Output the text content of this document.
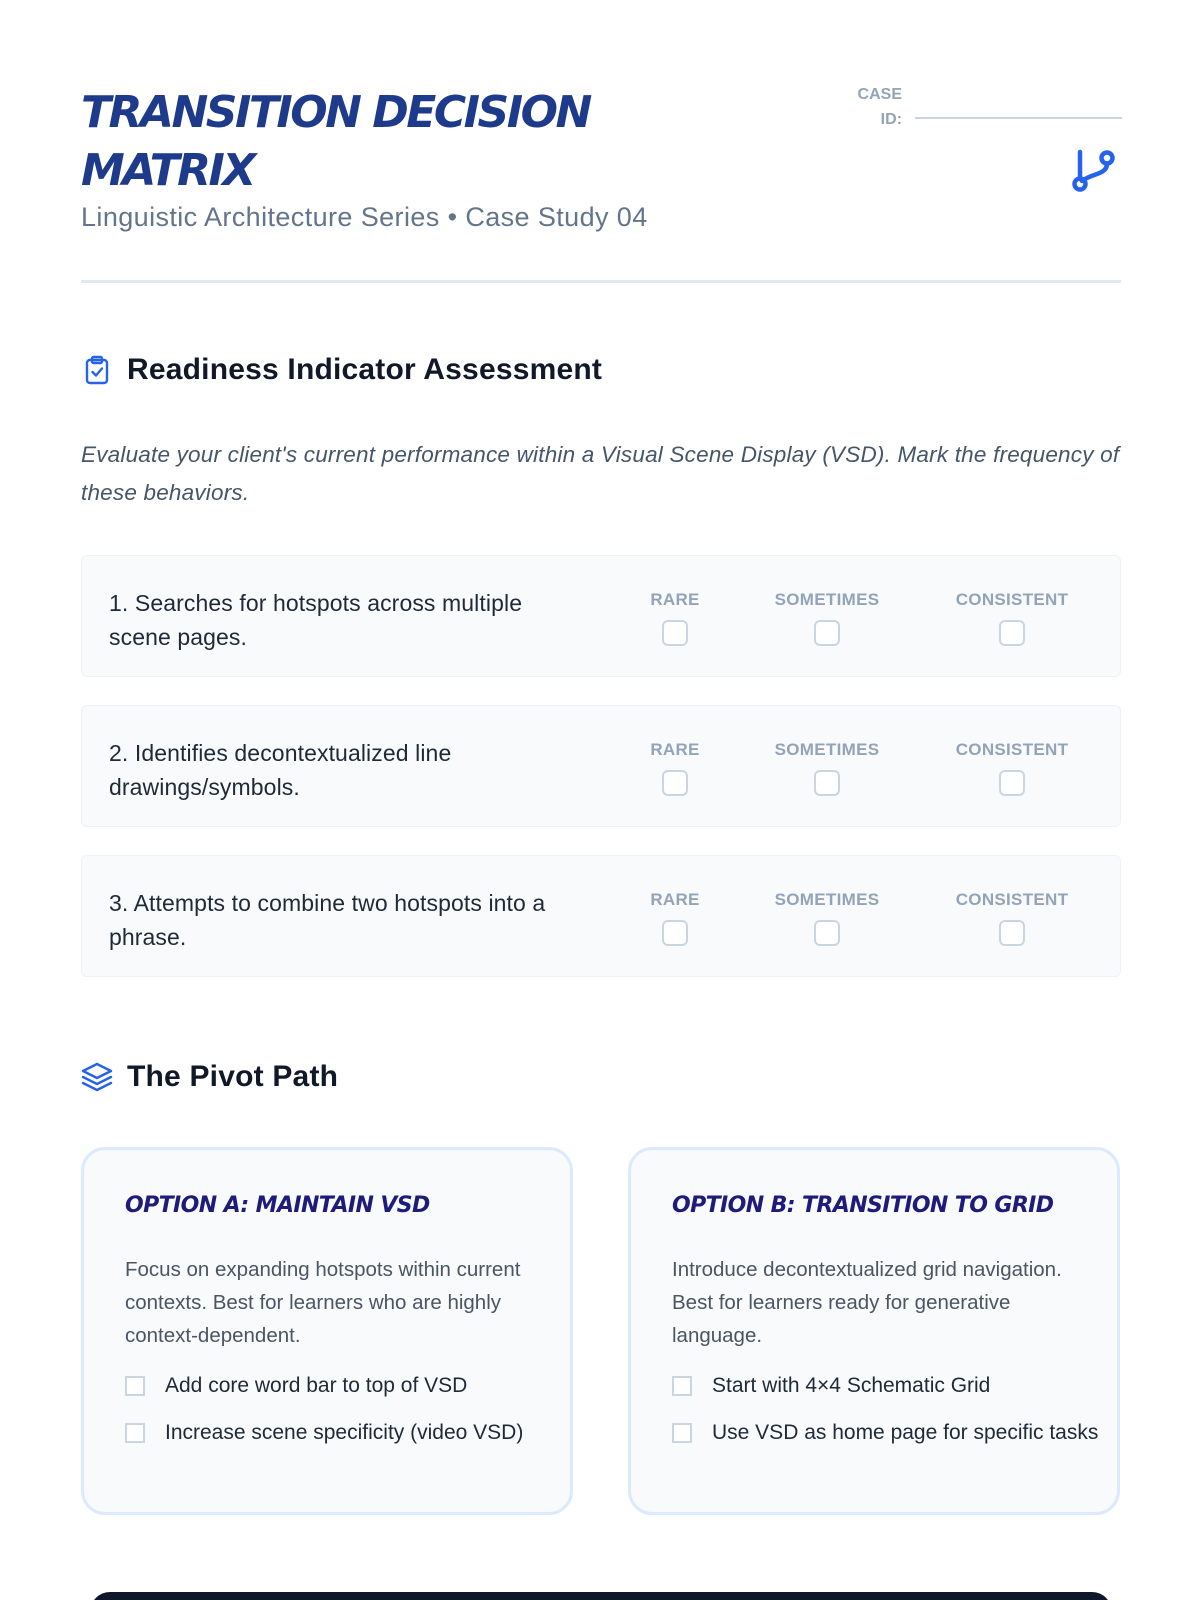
TRANSITION DECISION MATRIX
Linguistic Architecture Series • Case Study 04
CASE ID:
Readiness Indicator Assessment

Evaluate your client's current performance within a Visual Scene Display (VSD). Mark the frequency of these behaviors.

1. Searches for hotspots across multiple scene pages.
RARE	SOMETIMES	CONSISTENT
2. Identifies decontextualized line drawings/symbols.
RARE	SOMETIMES	CONSISTENT
3. Attempts to combine two hotspots into a phrase.
RARE	SOMETIMES	CONSISTENT
The Pivot Path
OPTION A: MAINTAIN VSD
Focus on expanding hotspots within current contexts. Best for learners who are highly context-dependent.
Add core word bar to top of VSD
Increase scene specificity (video VSD)
OPTION B: TRANSITION TO GRID
Introduce decontextualized grid navigation. Best for learners ready for generative language.
Start with 4×4 Schematic Grid
Use VSD as home page for specific tasks
